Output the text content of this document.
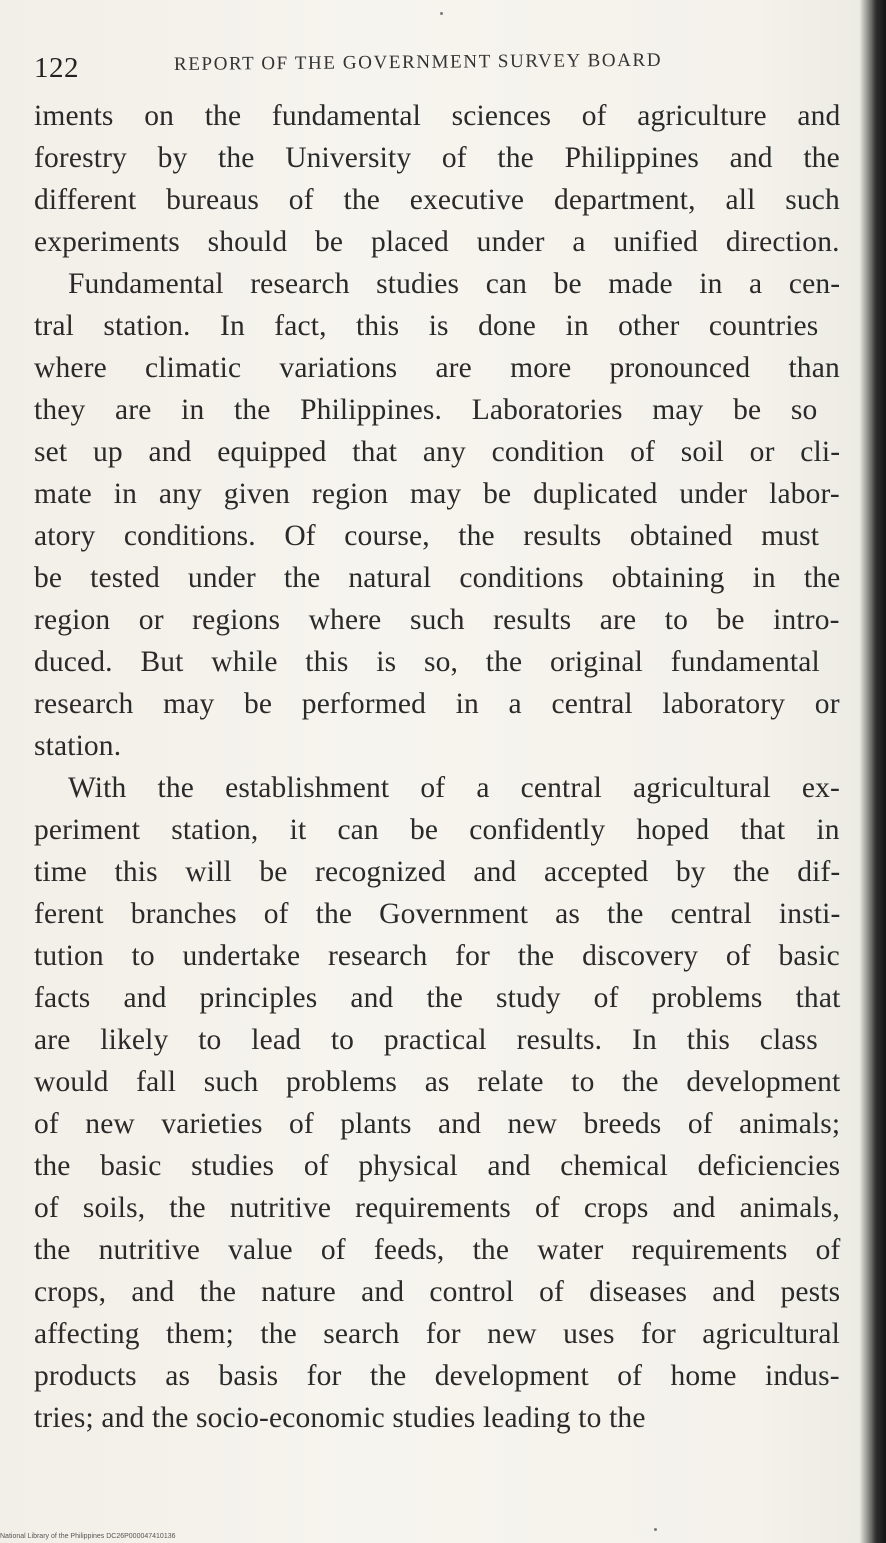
122	REPORT OF THE GOVERNMENT SURVEY BOARD
iments on the fundamental sciences of agriculture and
forestry by the University of the Philippines and the
different bureaus of the executive department, all such
experiments should be placed under a unified direction.
Fundamental research studies can be made in a cen-
tral station. In fact, this is done in other countries
where climatic variations are more pronounced than
they are in the Philippines. Laboratories may be so
set up and equipped that any condition of soil or cli-
mate in any given region may be duplicated under labor-
atory conditions. Of course, the results obtained must
be tested under the natural conditions obtaining in the
region or regions where such results are to be intro-
duced. But while this is so, the original fundamental
research may be performed in a central laboratory or
station.
With the establishment of a central agricultural ex-
periment station, it can be confidently hoped that in
time this will be recognized and accepted by the dif-
ferent branches of the Government as the central insti-
tution to undertake research for the discovery of basic
facts and principles and the study of problems that
are likely to lead to practical results. In this class
would fall such problems as relate to the development
of new varieties of plants and new breeds of animals;
the basic studies of physical and chemical deficiencies
of soils, the nutritive requirements of crops and animals,
the nutritive value of feeds, the water requirements of
crops, and the nature and control of diseases and pests
affecting them; the search for new uses for agricultural
products as basis for the development of home indus-
tries; and the socio-economic studies leading to the
National Library of the Philippines DC26P000047410136
